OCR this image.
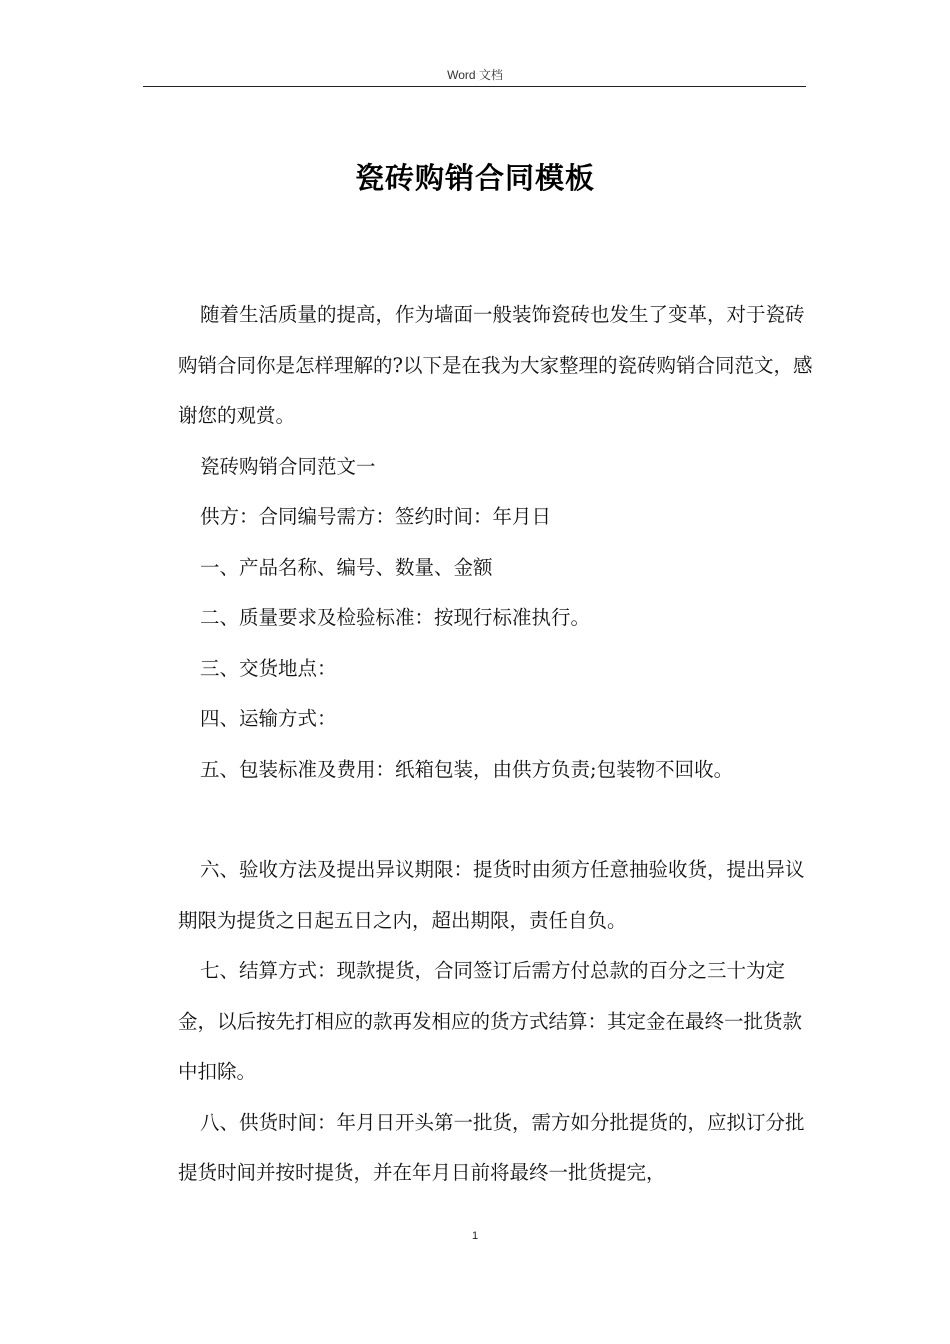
Word 文档
瓷砖购销合同模板

随着生活质量的提高，作为墙面一般装饰瓷砖也发生了变革，对于瓷砖购销合同你是怎样理解的?以下是在我为大家整理的瓷砖购销合同范文，感谢您的观赏。

瓷砖购销合同范文一

供方：合同编号需方：签约时间：年月日

一、产品名称、编号、数量、金额

二、质量要求及检验标准：按现行标准执行。

三、交货地点：

四、运输方式：

五、包装标准及费用：纸箱包装，由供方负责;包装物不回收。

六、验收方法及提出异议期限：提货时由须方任意抽验收货，提出异议期限为提货之日起五日之内，超出期限，责任自负。

七、结算方式：现款提货，合同签订后需方付总款的百分之三十为定金，以后按先打相应的款再发相应的货方式结算：其定金在最终一批货款中扣除。

八、供货时间：年月日开头第一批货，需方如分批提货的，应拟订分批提货时间并按时提货，并在年月日前将最终一批货提完，

1
